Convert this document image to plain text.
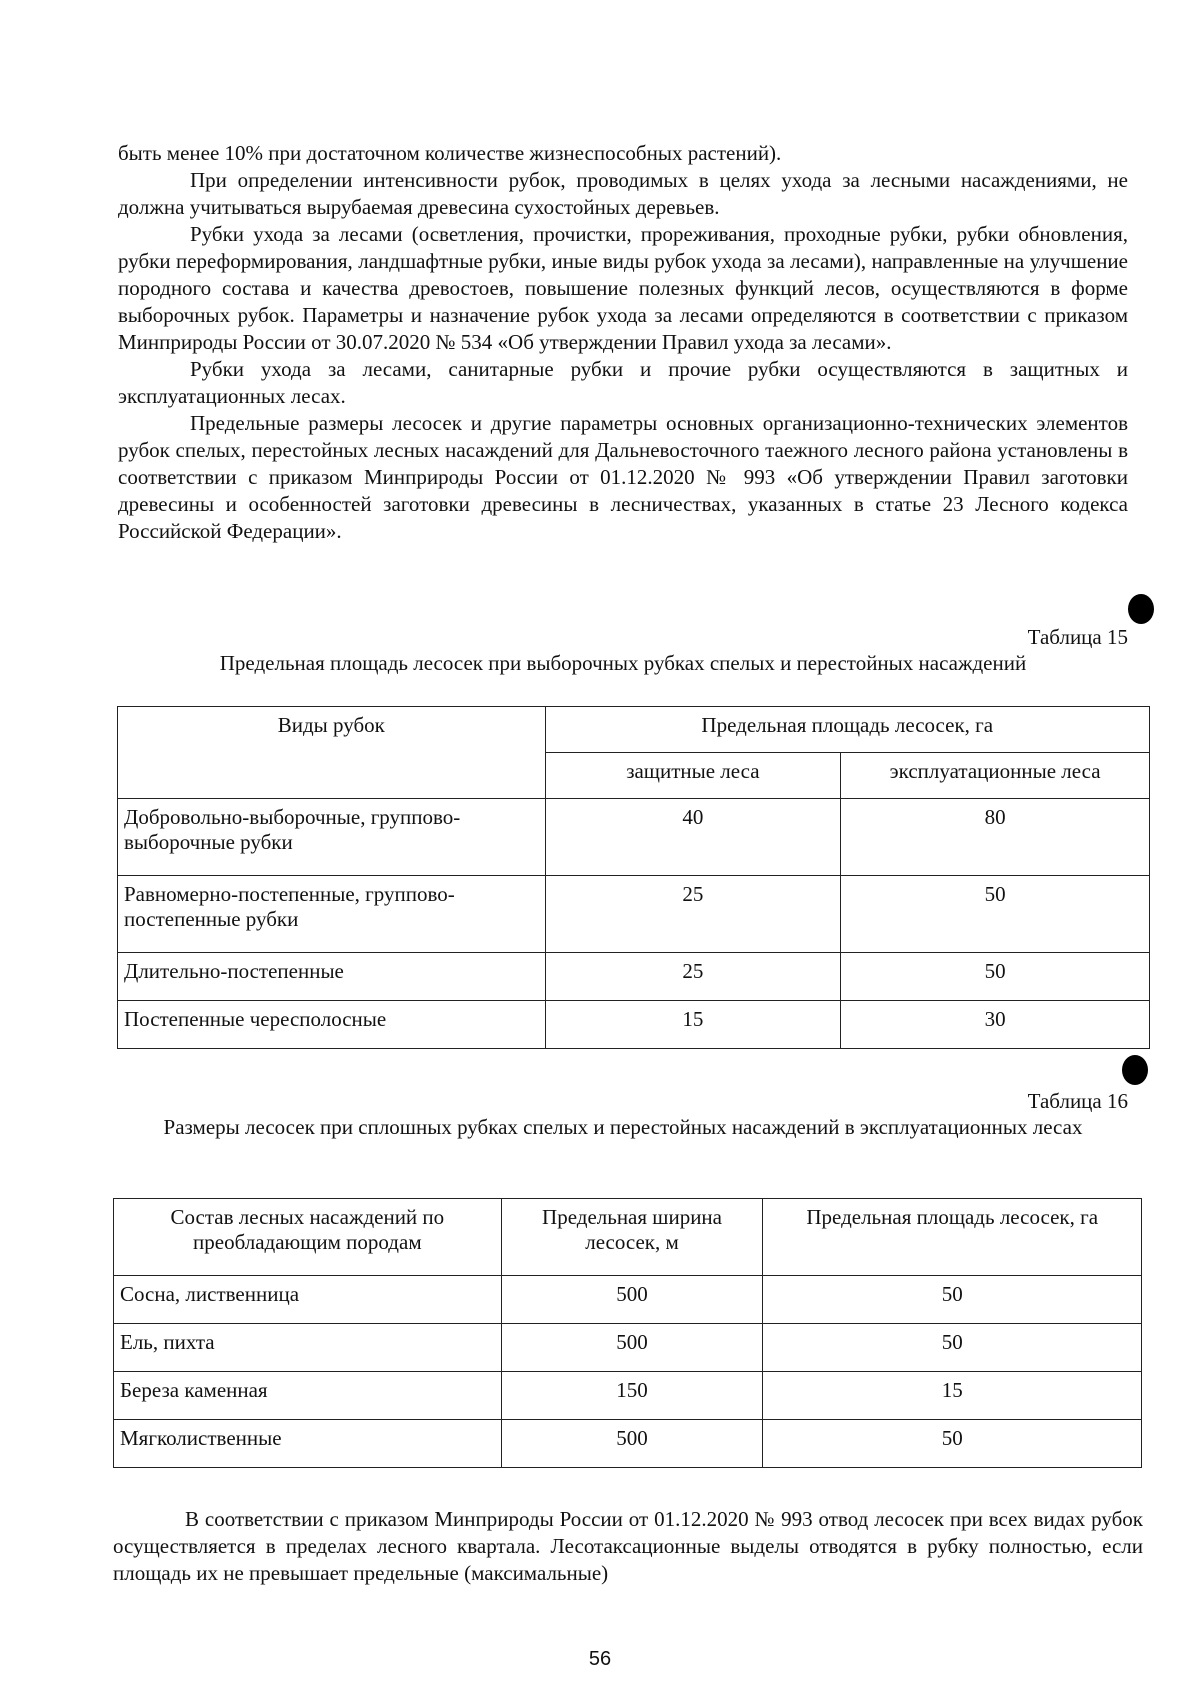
быть менее 10% при достаточном количестве жизнеспособных растений).

При определении интенсивности рубок, проводимых в целях ухода за лесными насаждениями, не должна учитываться вырубаемая древесина сухостойных деревьев.

Рубки ухода за лесами (осветления, прочистки, прореживания, проходные рубки, рубки обновления, рубки переформирования, ландшафтные рубки, иные виды рубок ухода за лесами), направленные на улучшение породного состава и качества древостоев, повышение полезных функций лесов, осуществляются в форме выборочных рубок. Параметры и назначение рубок ухода за лесами определяются в соответствии с приказом Минприроды России от 30.07.2020 № 534 «Об утверждении Правил ухода за лесами».

Рубки ухода за лесами, санитарные рубки и прочие рубки осуществляются в защитных и эксплуатационных лесах.

Предельные размеры лесосек и другие параметры основных организационно-технических элементов рубок спелых, перестойных лесных насаждений для Дальневосточного таежного лесного района установлены в соответствии с приказом Минприроды России от 01.12.2020 № 993 «Об утверждении Правил заготовки древесины и особенностей заготовки древесины в лесничествах, указанных в статье 23 Лесного кодекса Российской Федерации».

Таблица 15

Предельная площадь лесосек при выборочных рубках спелых и перестойных насаждений

Виды рубок	Предельная площадь лесосек, га	
	защитные леса	эксплуатационные леса
Добровольно-выборочные, группово-выборочные рубки	40	80
Равномерно-постепенные, группово-постепенные рубки	25	50
Длительно-постепенные	25	50
Постепенные чересполосные	15	30

Таблица 16

Размеры лесосек при сплошных рубках спелых и перестойных насаждений в эксплуатационных лесах

Состав лесных насаждений по преобладающим породам	Предельная ширина лесосек, м	Предельная площадь лесосек, га
Сосна, лиственница	500	50
Ель, пихта	500	50
Береза каменная	150	15
Мягколиственные	500	50

В соответствии с приказом Минприроды России от 01.12.2020 № 993 отвод лесосек при всех видах рубок осуществляется в пределах лесного квартала. Лесотаксационные выделы отводятся в рубку полностью, если площадь их не превышает предельные (максимальные)

56
